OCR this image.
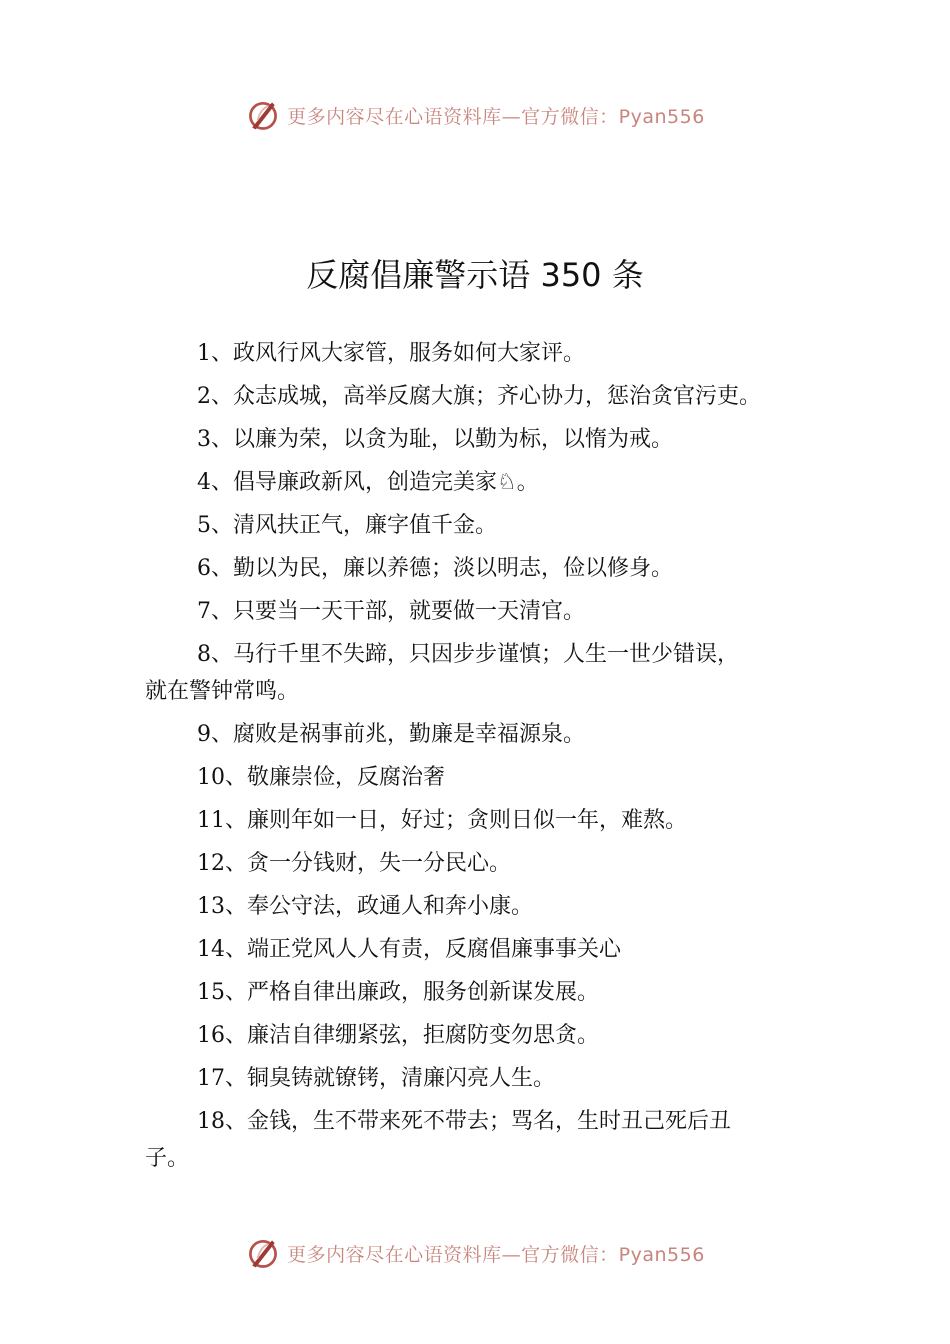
更多内容尽在心语资料库—官方微信：Pyan556
反腐倡廉警示语 350 条
1、政风行风大家管，服务如何大家评。
2、众志成城，高举反腐大旗；齐心协力，惩治贪官污吏。
3、以廉为荣，以贪为耻，以勤为标，以惰为戒。
4、倡导廉政新风，创造完美家♘。
5、清风扶正气，廉字值千金。
6、勤以为民，廉以养德；淡以明志，俭以修身。
7、只要当一天干部，就要做一天清官。
8、马行千里不失蹄，只因步步谨慎；人生一世少错误，
就在警钟常鸣。
9、腐败是祸事前兆，勤廉是幸福源泉。
10、敬廉崇俭，反腐治奢
11、廉则年如一日，好过；贪则日似一年，难熬。
12、贪一分钱财，失一分民心。
13、奉公守法，政通人和奔小康。
14、端正党风人人有责，反腐倡廉事事关心
15、严格自律出廉政，服务创新谋发展。
16、廉洁自律绷紧弦，拒腐防变勿思贪。
17、铜臭铸就镣铐，清廉闪亮人生。
18、金钱，生不带来死不带去；骂名，生时丑己死后丑
子。
更多内容尽在心语资料库—官方微信：Pyan556
